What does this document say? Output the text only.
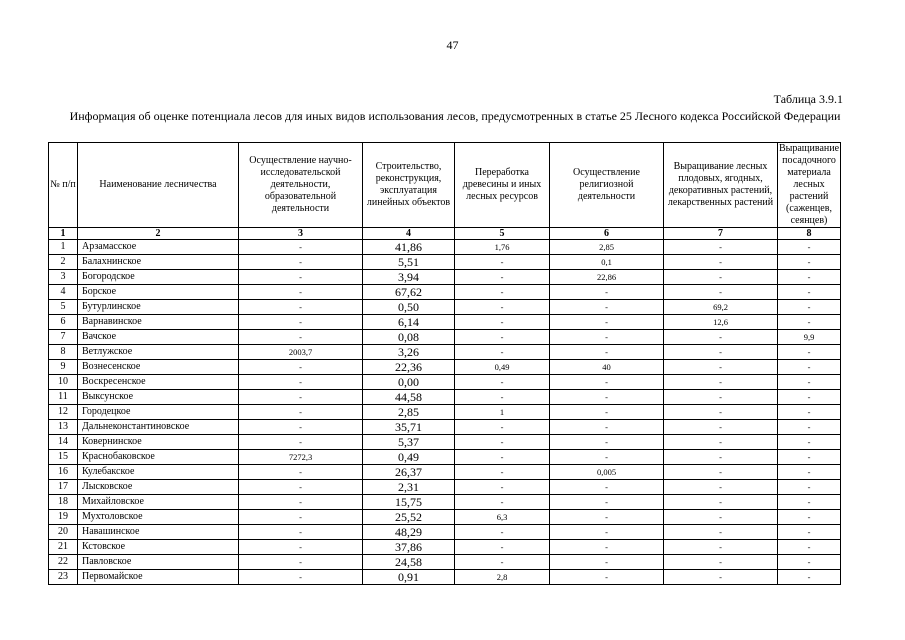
47
Таблица 3.9.1
Информация об оценке потенциала лесов для иных видов использования лесов, предусмотренных в статье 25 Лесного кодекса Российской Федерации
№ п/п	Наименование лесничества	Осуществление научно-исследовательской деятельности, образовательной деятельности	Строительство, реконструкция, эксплуатация линейных объектов	Переработка древесины и иных лесных ресурсов	Осуществление религиозной деятельности	Выращивание лесных плодовых, ягодных, декоративных растений, лекарственных растений	Выращивание посадочного материала лесных растений (саженцев, сеянцев)
1	2	3	4	5	6	7	8
1	Арзамасское	-	41,86	1,76	2,85	-	-
2	Балахнинское	-	5,51	-	0,1	-	-
3	Богородское	-	3,94	-	22,86	-	-
4	Борское	-	67,62	-	-	-	-
5	Бутурлинское	-	0,50	-	-	69,2	-
6	Варнавинское	-	6,14	-	-	12,6	-
7	Вачское	-	0,08	-	-	-	9,9
8	Ветлужское	2003,7	3,26	-	-	-	-
9	Вознесенское	-	22,36	0,49	40	-	-
10	Воскресенское	-	0,00	-	-	-	-
11	Выксунское	-	44,58	-	-	-	-
12	Городецкое	-	2,85	1	-	-	-
13	Дальнеконстантиновское	-	35,71	-	-	-	-
14	Ковернинское	-	5,37	-	-	-	-
15	Краснобаковское	7272,3	0,49	-	-	-	-
16	Кулебакское	-	26,37	-	0,005	-	-
17	Лысковское	-	2,31	-	-	-	-
18	Михайловское	-	15,75	-	-	-	-
19	Мухтоловское	-	25,52	6,3	-	-	-
20	Навашинское	-	48,29	-	-	-	-
21	Кстовское	-	37,86	-	-	-	-
22	Павловское	-	24,58	-	-	-	-
23	Первомайское	-	0,91	2,8	-	-	-
